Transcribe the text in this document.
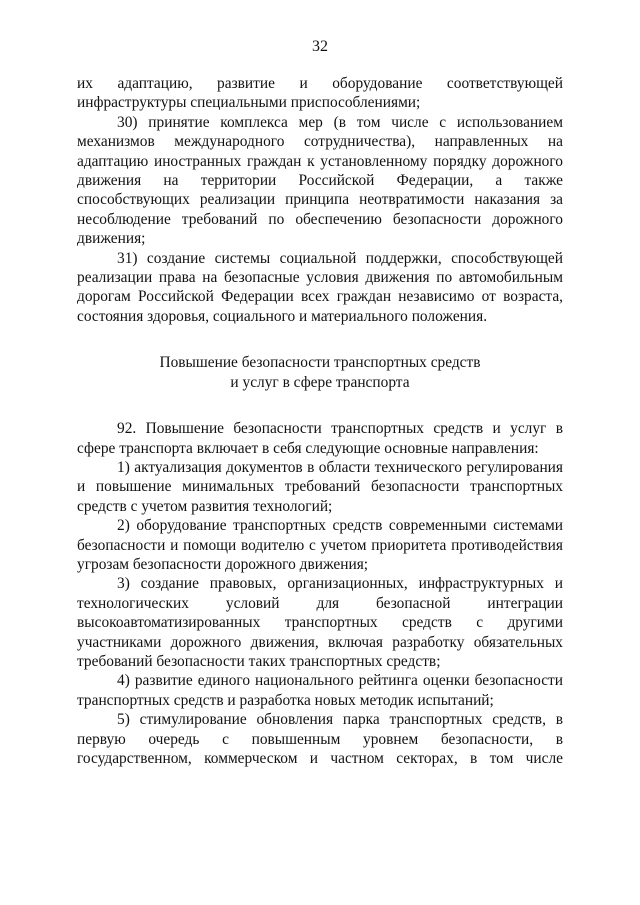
32

их адаптацию, развитие и оборудование соответствующей инфраструктуры специальными приспособлениями;

30) принятие комплекса мер (в том числе с использованием механизмов международного сотрудничества), направленных на адаптацию иностранных граждан к установленному порядку дорожного движения на территории Российской Федерации, а также способствующих реализации принципа неотвратимости наказания за несоблюдение требований по обеспечению безопасности дорожного движения;

31) создание системы социальной поддержки, способствующей реализации права на безопасные условия движения по автомобильным дорогам Российской Федерации всех граждан независимо от возраста, состояния здоровья, социального и материального положения.

Повышение безопасности транспортных средств

и услуг в сфере транспорта

92. Повышение безопасности транспортных средств и услуг в сфере транспорта включает в себя следующие основные направления:

1) актуализация документов в области технического регулирования и повышение минимальных требований безопасности транспортных средств с учетом развития технологий;

2) оборудование транспортных средств современными системами безопасности и помощи водителю с учетом приоритета противодействия угрозам безопасности дорожного движения;

3) создание правовых, организационных, инфраструктурных и технологических условий для безопасной интеграции высокоавтоматизированных транспортных средств с другими участниками дорожного движения, включая разработку обязательных требований безопасности таких транспортных средств;

4) развитие единого национального рейтинга оценки безопасности транспортных средств и разработка новых методик испытаний;

5) стимулирование обновления парка транспортных средств, в первую очередь с повышенным уровнем безопасности, в государственном, коммерческом и частном секторах, в том числе
